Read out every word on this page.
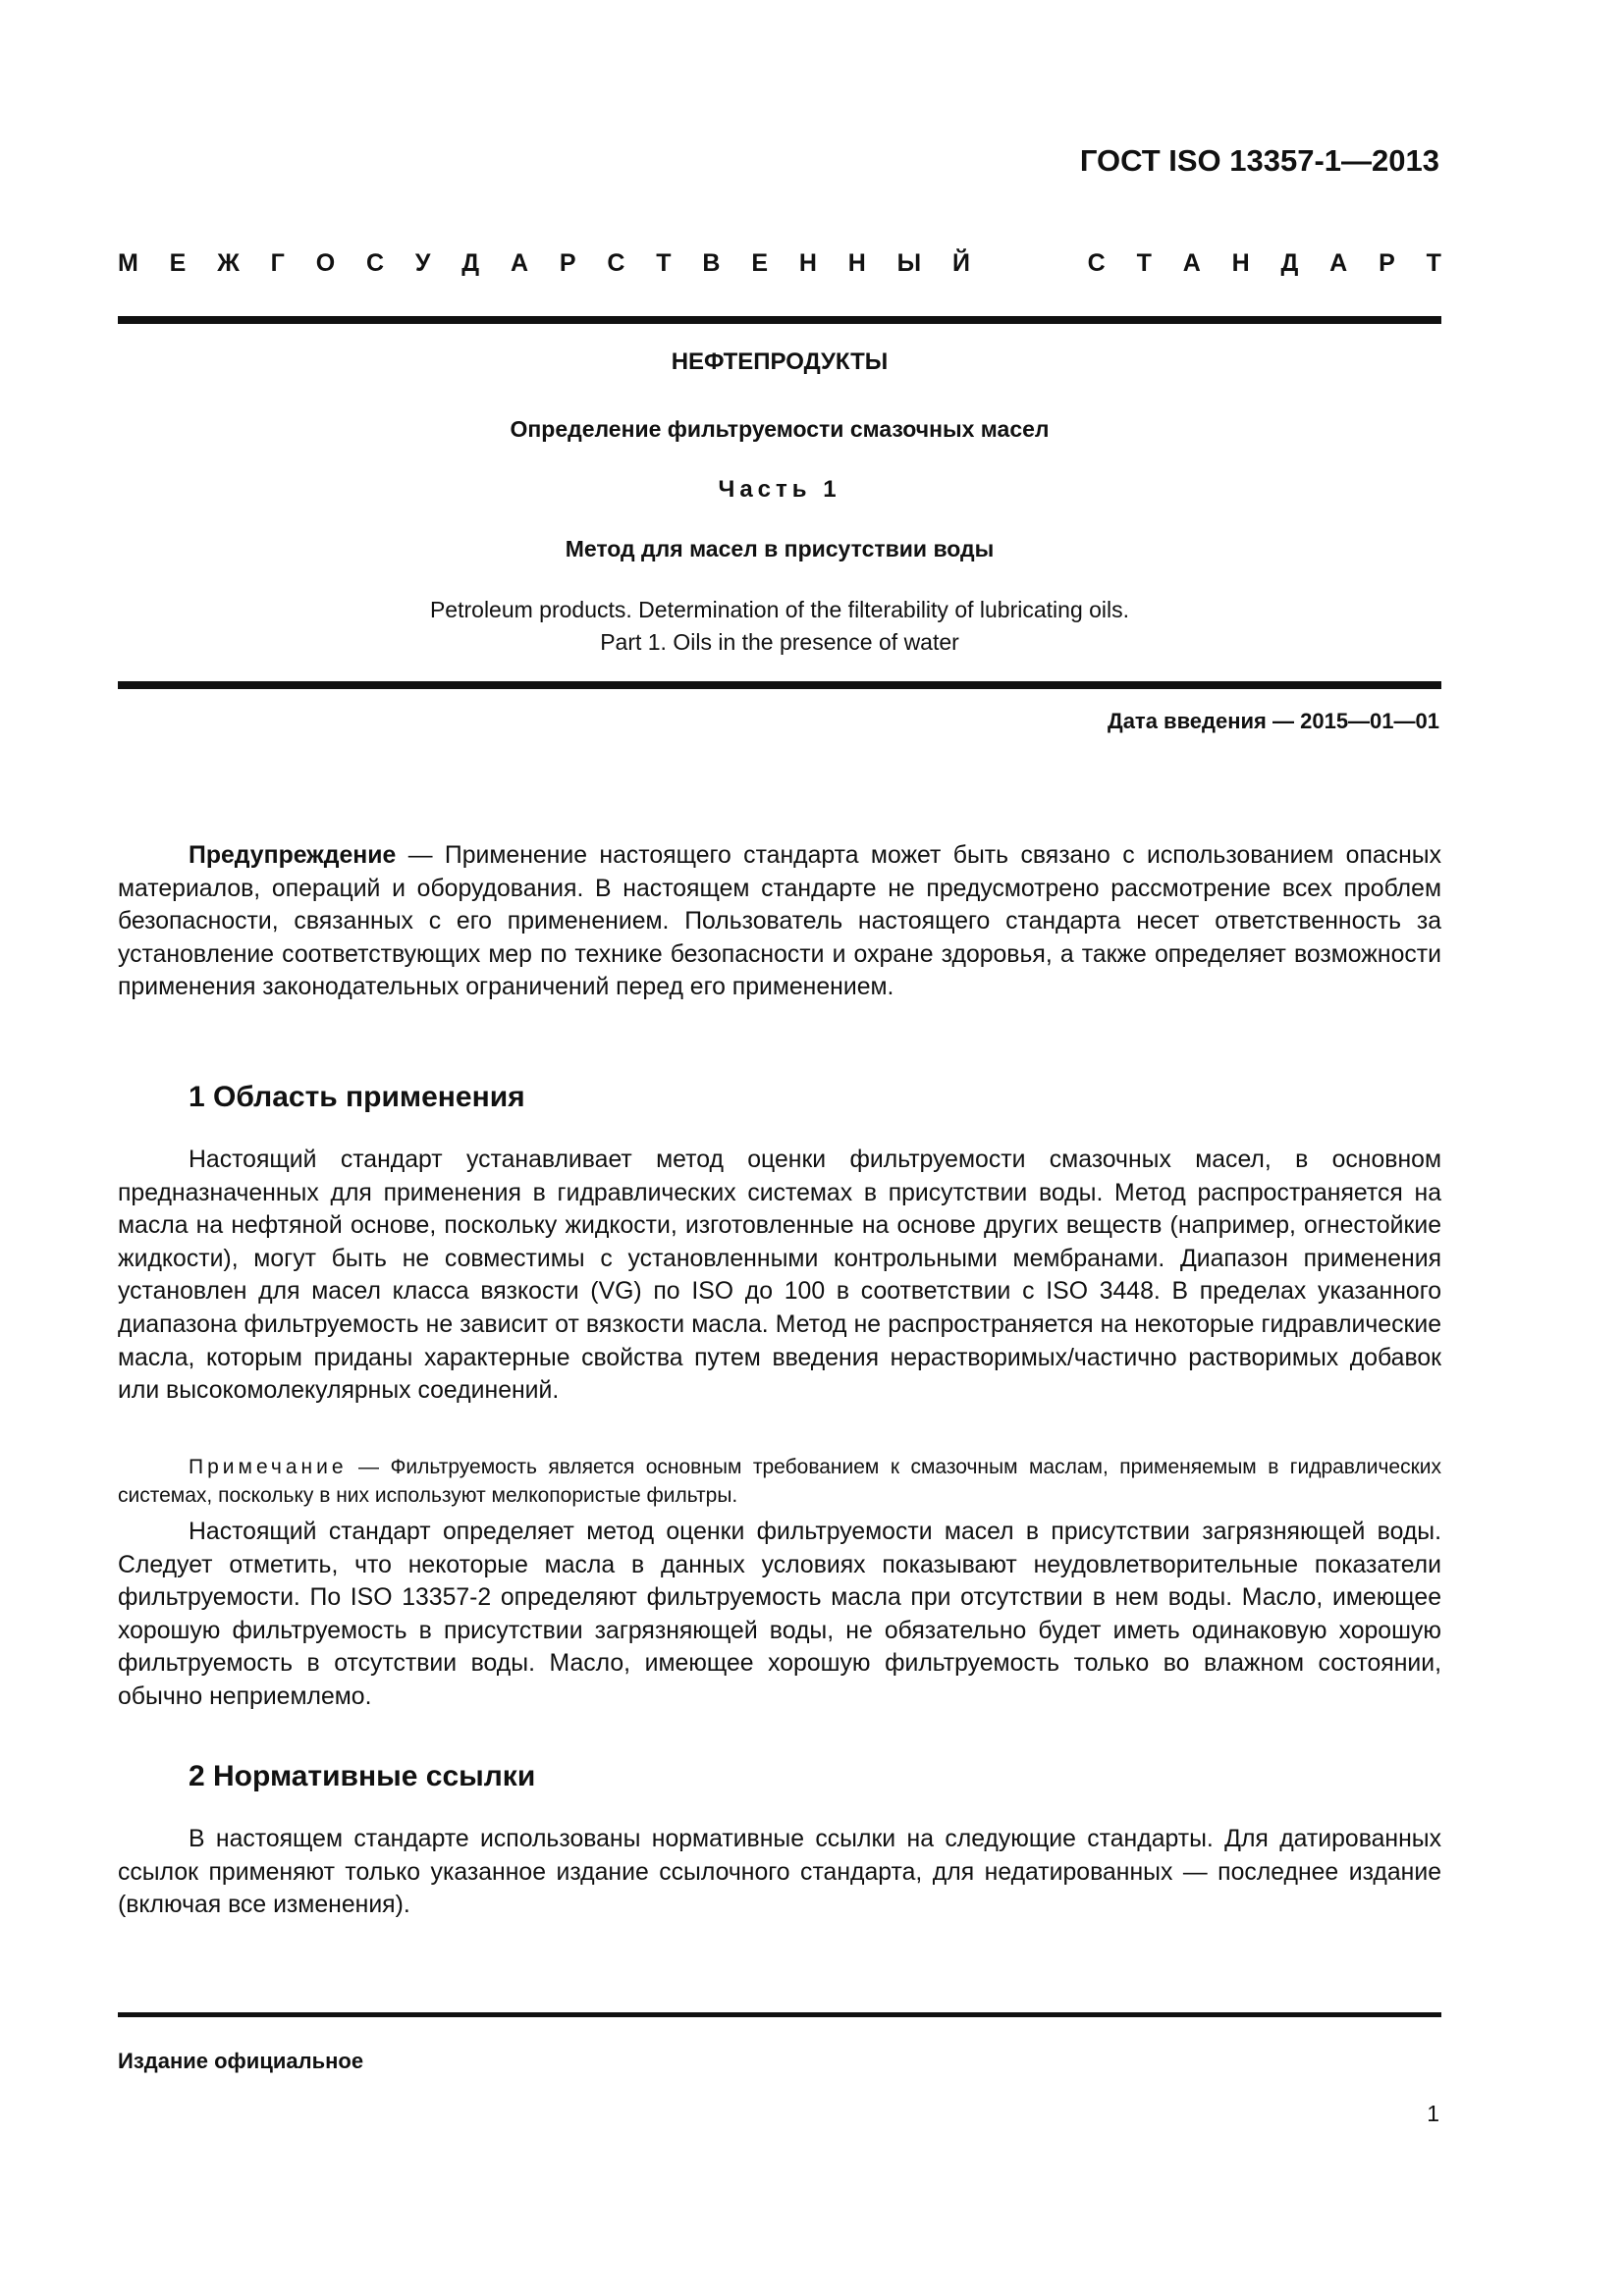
ГОСТ ISO 13357-1—2013
М Е Ж Г О С У Д А Р С Т В Е Н Н Ы Й	С Т А Н Д А Р Т
НЕФТЕПРОДУКТЫ
Определение фильтруемости смазочных масел
Часть 1
Метод для масел в присутствии воды
Petroleum products. Determination of the filterability of lubricating oils.
Part 1. Oils in the presence of water
Дата введения — 2015—01—01

Предупреждение — Применение настоящего стандарта может быть связано с использованием опасных материалов, операций и оборудования. В настоящем стандарте не предусмотрено рассмотрение всех проблем безопасности, связанных с его применением. Пользователь настоящего стандарта несет ответственность за установление соответствующих мер по технике безопасности и охране здоровья, а также определяет возможности применения законодательных ограничений перед его применением.

1 Область применения

Настоящий стандарт устанавливает метод оценки фильтруемости смазочных масел, в основном предназначенных для применения в гидравлических системах в присутствии воды. Метод распространяется на масла на нефтяной основе, поскольку жидкости, изготовленные на основе других веществ (например, огнестойкие жидкости), могут быть не совместимы с установленными контрольными мембранами. Диапазон применения установлен для масел класса вязкости (VG) по ISO до 100 в соответствии с ISO 3448. В пределах указанного диапазона фильтруемость не зависит от вязкости масла. Метод не распространяется на некоторые гидравлические масла, которым приданы характерные свойства путем введения нерастворимых/частично растворимых добавок или высокомолекулярных соединений.

Примечание — Фильтруемость является основным требованием к смазочным маслам, применяемым в гидравлических системах, поскольку в них используют мелкопористые фильтры.

Настоящий стандарт определяет метод оценки фильтруемости масел в присутствии загрязняющей воды. Следует отметить, что некоторые масла в данных условиях показывают неудовлетворительные показатели фильтруемости. По ISO 13357-2 определяют фильтруемость масла при отсутствии в нем воды. Масло, имеющее хорошую фильтруемость в присутствии загрязняющей воды, не обязательно будет иметь одинаковую хорошую фильтруемость в отсутствии воды. Масло, имеющее хорошую фильтруемость только во влажном состоянии, обычно неприемлемо.

2 Нормативные ссылки

В настоящем стандарте использованы нормативные ссылки на следующие стандарты. Для датированных ссылок применяют только указанное издание ссылочного стандарта, для недатированных — последнее издание (включая все изменения).

Издание официальное
1
